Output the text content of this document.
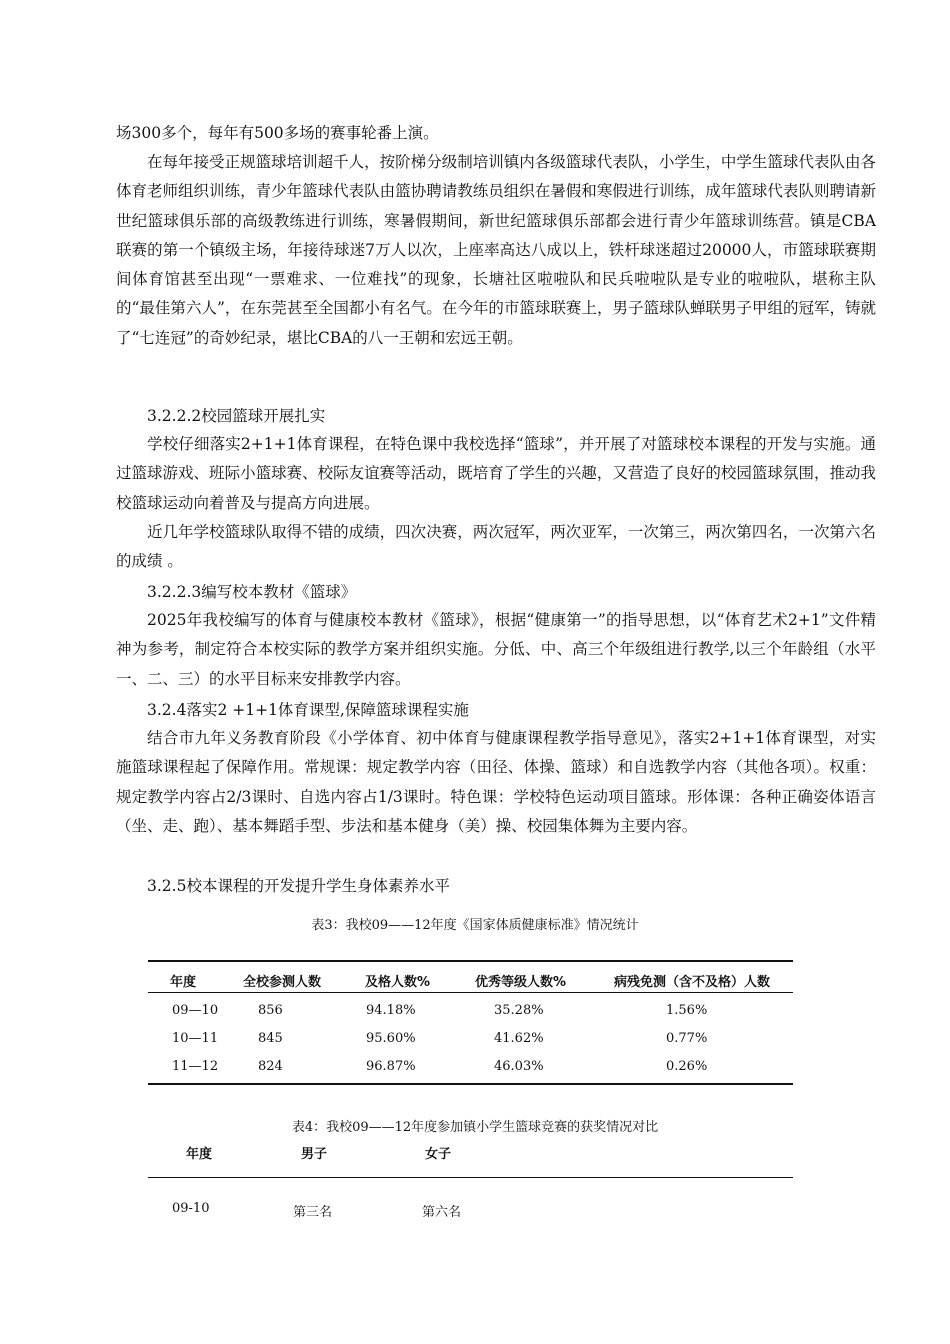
场300多个，每年有500多场的赛事轮番上演。

在每年接受正规篮球培训超千人，按阶梯分级制培训镇内各级篮球代表队，小学生，中学生篮球代表队由各体育老师组织训练，青少年篮球代表队由篮协聘请教练员组织在暑假和寒假进行训练，成年篮球代表队则聘请新世纪篮球俱乐部的高级教练进行训练，寒暑假期间，新世纪篮球俱乐部都会进行青少年篮球训练营。镇是CBA联赛的第一个镇级主场，年接待球迷7万人以次，上座率高达八成以上，铁杆球迷超过20000人，市篮球联赛期间体育馆甚至出现“一票难求、一位难找”的现象，长塘社区啦啦队和民兵啦啦队是专业的啦啦队，堪称主队的“最佳第六人”，在东莞甚至全国都小有名气。在今年的市篮球联赛上，男子篮球队蝉联男子甲组的冠军，铸就了“七连冠”的奇妙纪录，堪比CBA的八一王朝和宏远王朝。

3.2.2.2校园篮球开展扎实

学校仔细落实2+1+1体育课程，在特色课中我校选择“篮球”，并开展了对篮球校本课程的开发与实施。通过篮球游戏、班际小篮球赛、校际友谊赛等活动，既培育了学生的兴趣，又营造了良好的校园篮球氛围，推动我校篮球运动向着普及与提高方向进展。

近几年学校篮球队取得不错的成绩，四次决赛，两次冠军，两次亚军，一次第三，两次第四名，一次第六名的成绩 。

3.2.2.3编写校本教材《篮球》

2025年我校编写的体育与健康校本教材《篮球》，根据“健康第一”的指导思想，以“体育艺术2+1”文件精神为参考，制定符合本校实际的教学方案并组织实施。分低、中、高三个年级组进行教学,以三个年龄组（水平一、二、三）的水平目标来安排教学内容。

3.2.4落实2 +1+1体育课型,保障篮球课程实施

结合市九年义务教育阶段《小学体育、初中体育与健康课程教学指导意见》，落实2+1+1体育课型，对实施篮球课程起了保障作用。常规课：规定教学内容（田径、体操、篮球）和自选教学内容（其他各项）。权重：规定教学内容占2/3课时、自选内容占1/3课时。特色课：学校特色运动项目篮球。形体课：各种正确姿体语言（坐、走、跑）、基本舞蹈手型、步法和基本健身（美）操、校园集体舞为主要内容。

3.2.5校本课程的开发提升学生身体素养水平

表3：我校09——12年度《国家体质健康标准》情况统计

年度	全校参测人数	及格人数%	优秀等级人数%	病残免测（含不及格）人数
09—10	856	94.18%	35.28%	1.56%
10—11	845	95.60%	41.62%	0.77%
11—12	824	96.87%	46.03%	0.26%

表4：我校09——12年度参加镇小学生篮球竞赛的获奖情况对比

年度	男子	女子
09-10	第三名	第六名
